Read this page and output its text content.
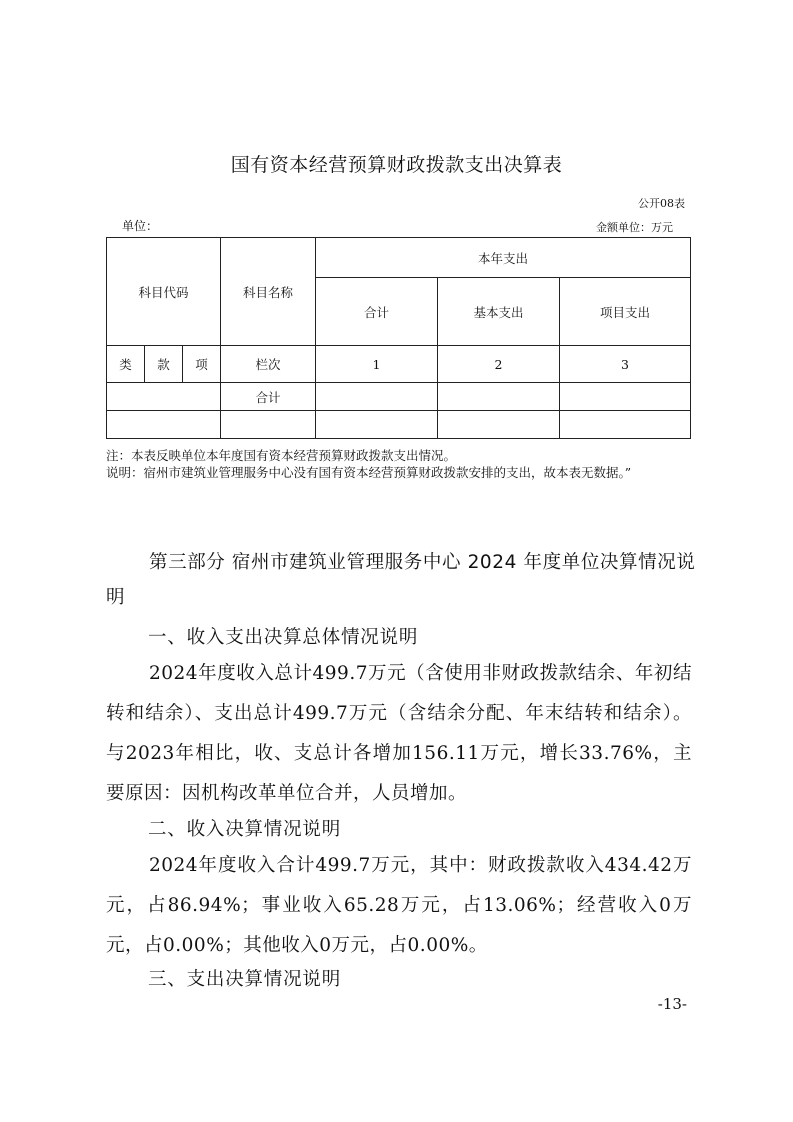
国有资本经营预算财政拨款支出决算表
公开08表
单位：	金额单位：万元
科目代码			科目名称	本年支出		
				合计	基本支出	项目支出
类	款	项	栏次	1	2	3
			合计			

注：本表反映单位本年度国有资本经营预算财政拨款支出情况。
说明：宿州市建筑业管理服务中心没有国有资本经营预算财政拨款安排的支出，故本表无数据。”
第三部分 宿州市建筑业管理服务中心 2024 年度单位决算情况说明
一、收入支出决算总体情况说明
2024年度收入总计499.7万元（含使用非财政拨款结余、年初结转和结余）、支出总计499.7万元（含结余分配、年末结转和结余）。与2023年相比，收、支总计各增加156.11万元，增长33.76%，主要原因：因机构改革单位合并，人员增加。
二、收入决算情况说明
2024年度收入合计499.7万元，其中：财政拨款收入434.42万元，占86.94%；事业收入65.28万元，占13.06%；经营收入0万元，占0.00%；其他收入0万元，占0.00%。
三、支出决算情况说明
-13-
